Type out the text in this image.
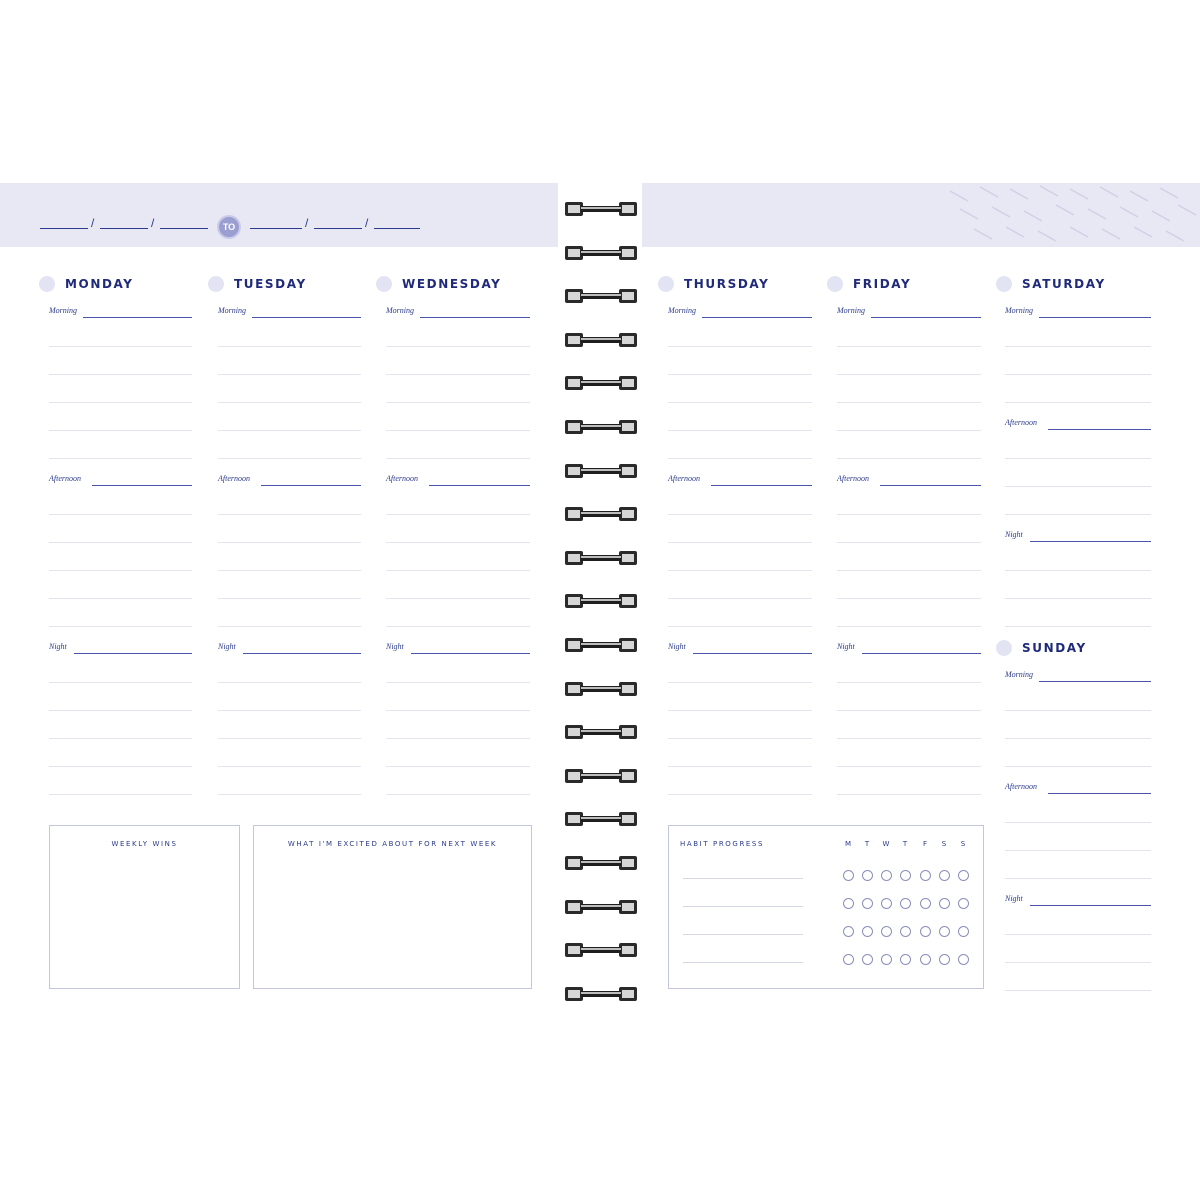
/	/	TO	/	/
MONDAY
Morning
Afternoon
Night
TUESDAY
Morning
Afternoon
Night
WEDNESDAY
Morning
Afternoon
Night
THURSDAY
Morning
Afternoon
Night
FRIDAY
Morning
Afternoon
Night
SATURDAY
Morning
Afternoon
Night
SUNDAY
Morning
Afternoon
Night
WEEKLY WINS	WHAT I'M EXCITED ABOUT FOR NEXT WEEK	HABIT PROGRESS	M	T	W	T	F	S	S
